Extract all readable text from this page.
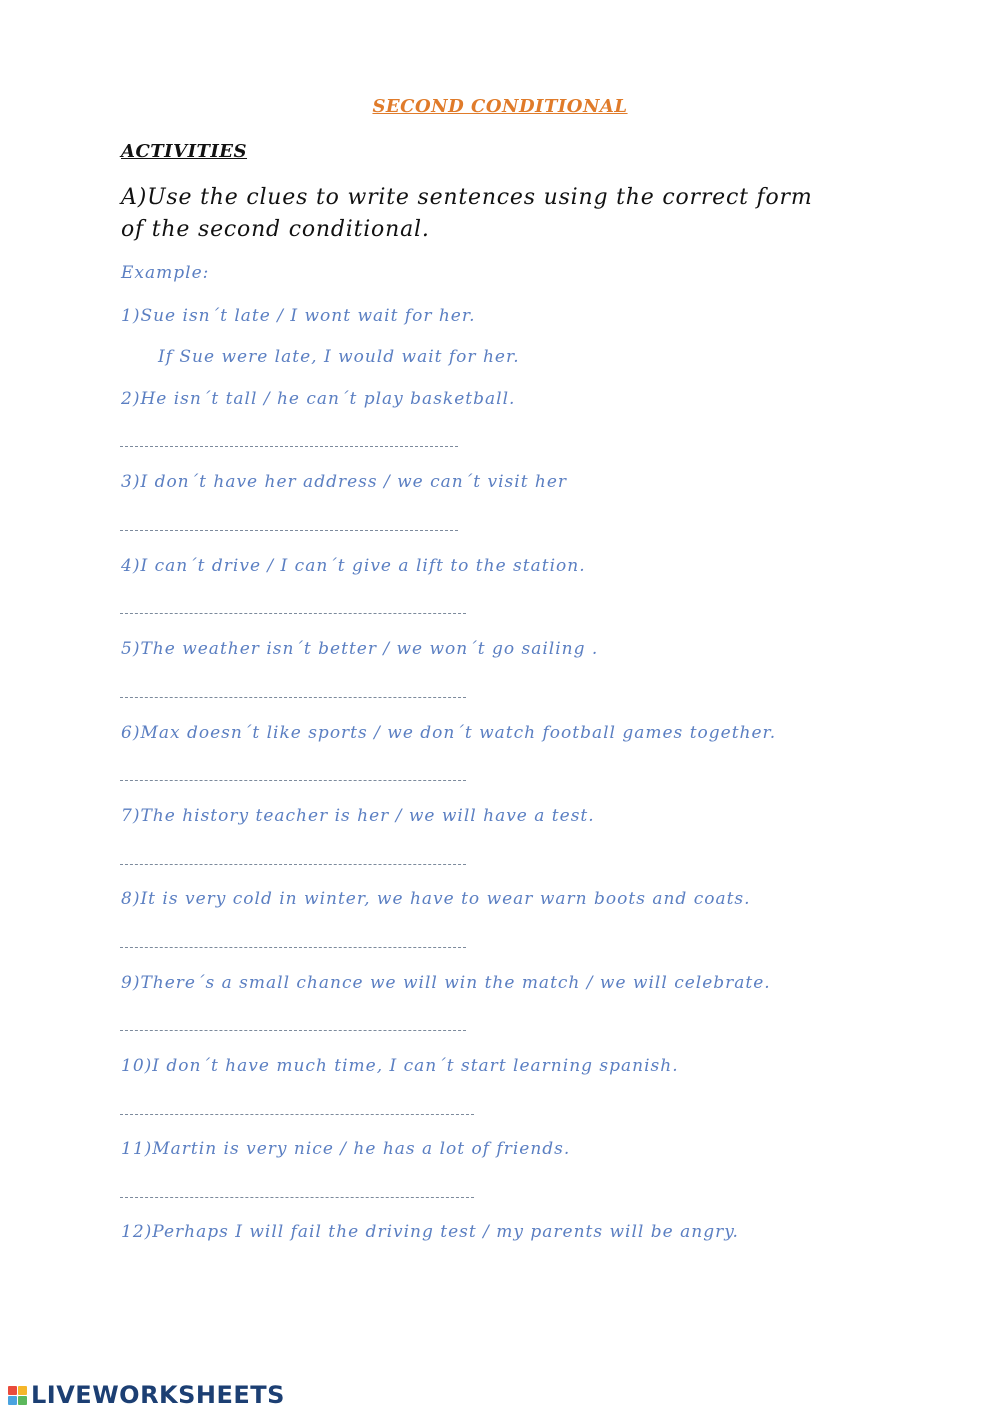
SECOND CONDITIONAL
ACTIVITIES
A)Use the clues to write sentences using the correct form of the second conditional.
Example:
1)Sue isn´t late / I wont wait for her.
If Sue were late, I would wait for her.
2)He isn´t tall / he can´t play basketball.
3)I don´t have her address / we can´t visit her
4)I can´t drive / I can´t give a lift to the station.
5)The weather isn´t better / we won´t go sailing .
6)Max doesn´t like sports / we don´t watch football games together.
7)The history teacher is her / we will have a test.
8)It is very cold in winter, we have to wear warn boots and coats.
9)There´s a small chance we will win the match / we will celebrate.
10)I don´t have much time, I can´t start learning spanish.
11)Martin is very nice / he has a lot of friends.
12)Perhaps I will fail the driving test / my parents will be angry.
LIVEWORKSHEETS
